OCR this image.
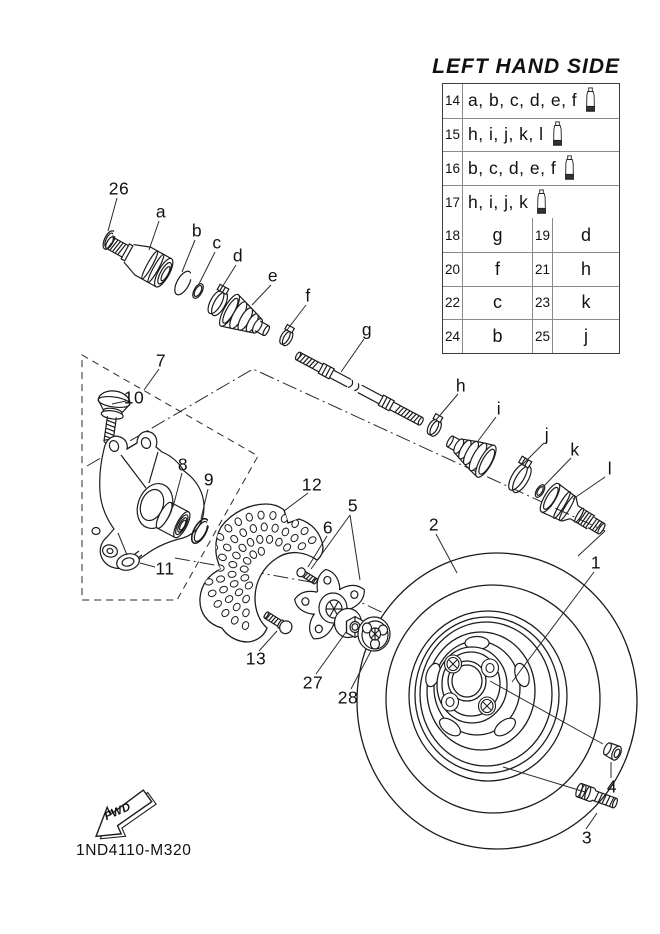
LEFT HAND SIDE
14 a, b, c, d, e, f
15 h, i, j, k, l
16 b, c, d, e, f
17 h, i, j, k
18	g	19	d
20	f	21	h
22	c	23	k
24	b	25	j
26
a
b
c
d
e
f
g
h
i
j
k
l
7
10
8
9
11
12
5
6
13
27
28
2
1
4
3
FWD
1ND4110-M320
